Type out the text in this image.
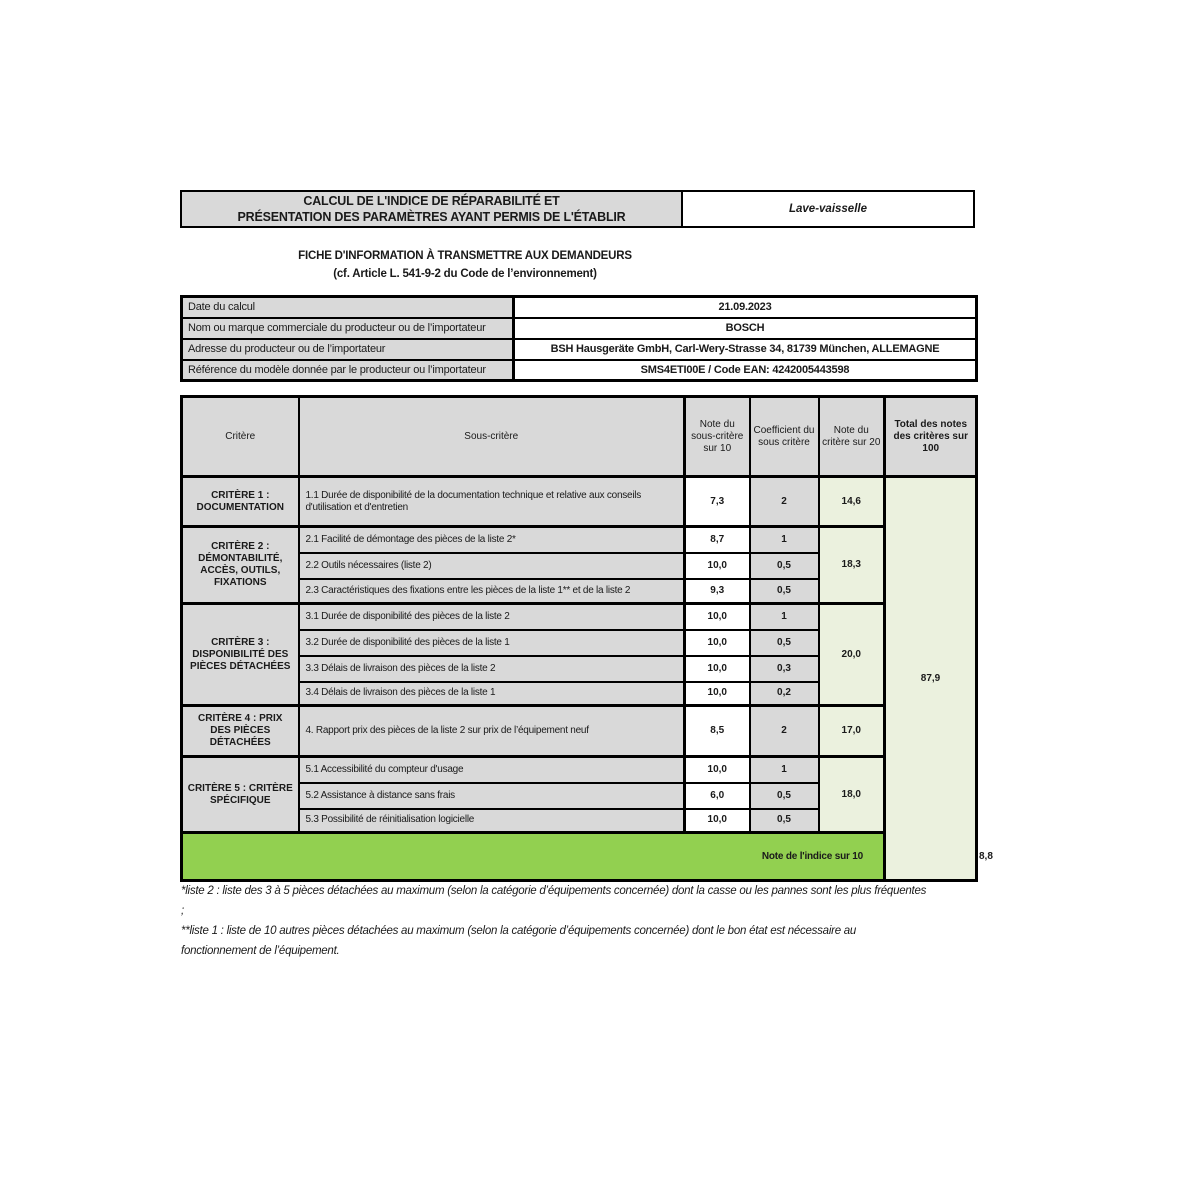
CALCUL DE L'INDICE DE RÉPARABILITÉ ET
PRÉSENTATION DES PARAMÈTRES AYANT PERMIS DE L'ÉTABLIR
Lave-vaisselle
FICHE D'INFORMATION À TRANSMETTRE AUX DEMANDEURS
(cf. Article L. 541-9-2 du Code de l’environnement)
Date du calcul	21.09.2023
Nom ou marque commerciale du producteur ou de l’importateur	BOSCH
Adresse du producteur ou de l’importateur	BSH Hausgeräte GmbH, Carl-Wery-Strasse 34, 81739 München, ALLEMAGNE
Référence du modèle donnée par le producteur ou l’importateur	SMS4ETI00E / Code EAN: 4242005443598
Critère	Sous-critère	Note du sous-critère sur 10	Coefficient du sous critère	Note du critère sur 20	Total des notes des critères sur 100	
CRITÈRE 1 : DOCUMENTATION	1.1 Durée de disponibilité de la documentation technique et relative aux conseils d'utilisation et d'entretien	7,3	2	14,6	87,9	
CRITÈRE 2 : DÉMONTABILITÉ, ACCÈS, OUTILS, FIXATIONS	2.1 Facilité de démontage des pièces de la liste 2*	8,7	1	18,3		
	2.2 Outils nécessaires (liste 2)	10,0	0,5			
	2.3 Caractéristiques des fixations entre les pièces de la liste 1** et de la liste 2	9,3	0,5			
CRITÈRE 3 : DISPONIBILITÉ DES PIÈCES DÉTACHÉES	3.1 Durée de disponibilité des pièces de la liste 2	10,0	1	20,0		
	3.2 Durée de disponibilité des pièces de la liste 1	10,0	0,5			
	3.3 Délais de livraison des pièces de la liste 2	10,0	0,3			
	3.4 Délais de livraison des pièces de la liste 1	10,0	0,2			
CRITÈRE 4 : PRIX DES PIÈCES DÉTACHÉES	4. Rapport prix des pièces de la liste 2 sur prix de l’équipement neuf	8,5	2	17,0		
CRITÈRE 5 : CRITÈRE SPÉCIFIQUE	5.1 Accessibilité du compteur d'usage	10,0	1	18,0		
	5.2 Assistance à distance sans frais	6,0	0,5			
	5.3 Possibilité de réinitialisation logicielle	10,0	0,5			
Note de l'indice sur 10						8,8

*liste 2 : liste des 3 à 5 pièces détachées au maximum (selon la catégorie d’équipements concernée) dont la casse ou les pannes sont les plus fréquentes ;

**liste 1 : liste de 10 autres pièces détachées au maximum (selon la catégorie d’équipements concernée) dont le bon état est nécessaire au fonctionnement de l’équipement.
